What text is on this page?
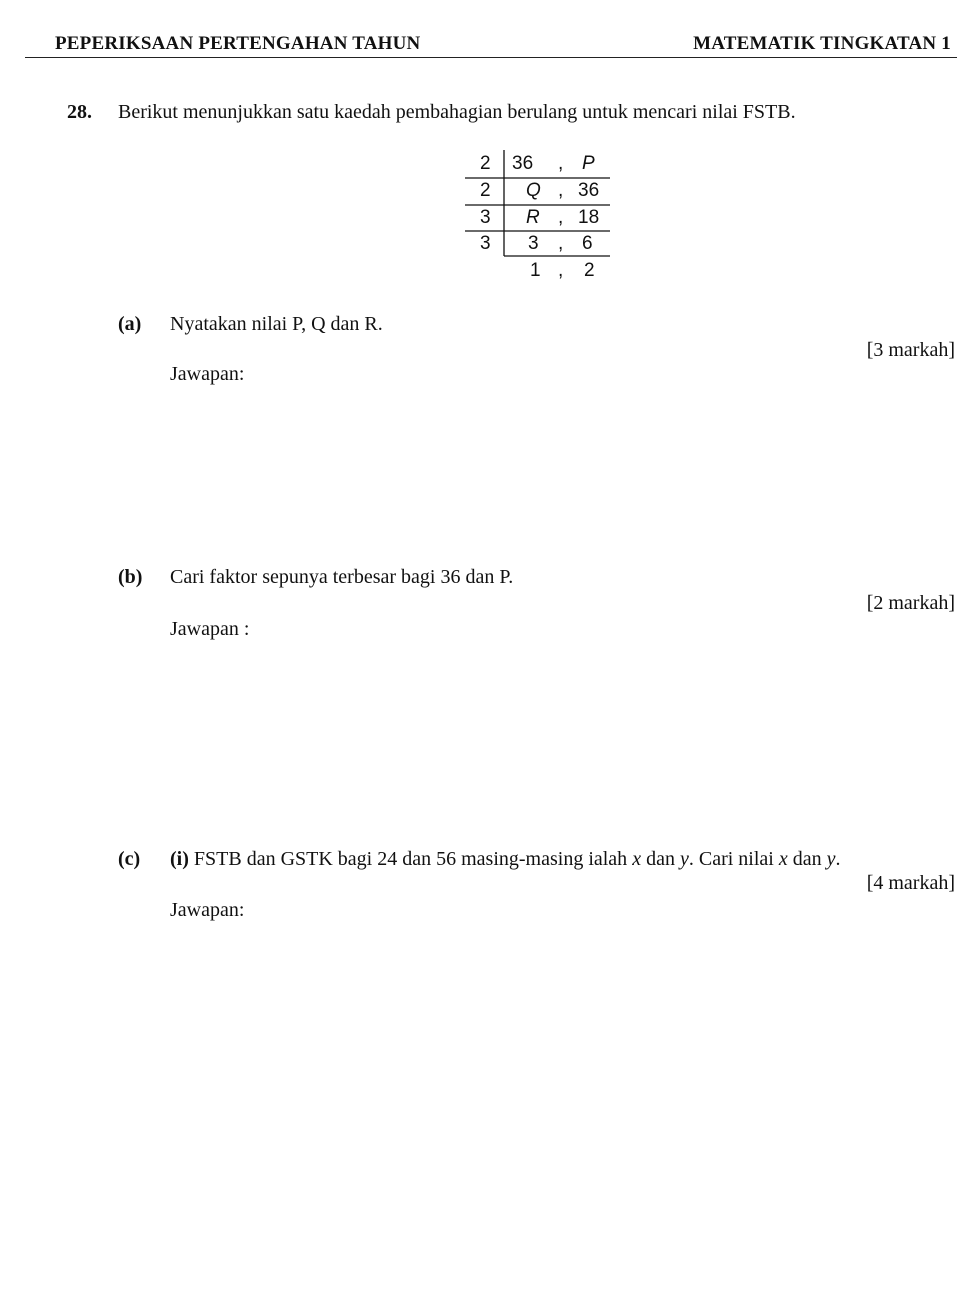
PEPERIKSAAN PERTENGAHAN TAHUN	MATEMATIK TINGKATAN 1
28. Berikut menunjukkan satu kaedah pembahagian berulang untuk mencari nilai FSTB.
2 36 , P
2 Q , 36
3 R , 18
3 3 , 6
1 , 2
(a) Nyatakan nilai P, Q dan R.
[3 markah]
Jawapan:
(b) Cari faktor sepunya terbesar bagi 36 dan P.
[2 markah]
Jawapan :
(c) (i) FSTB dan GSTK bagi 24 dan 56 masing-masing ialah x dan y. Cari nilai x dan y.
[4 markah]
Jawapan:
